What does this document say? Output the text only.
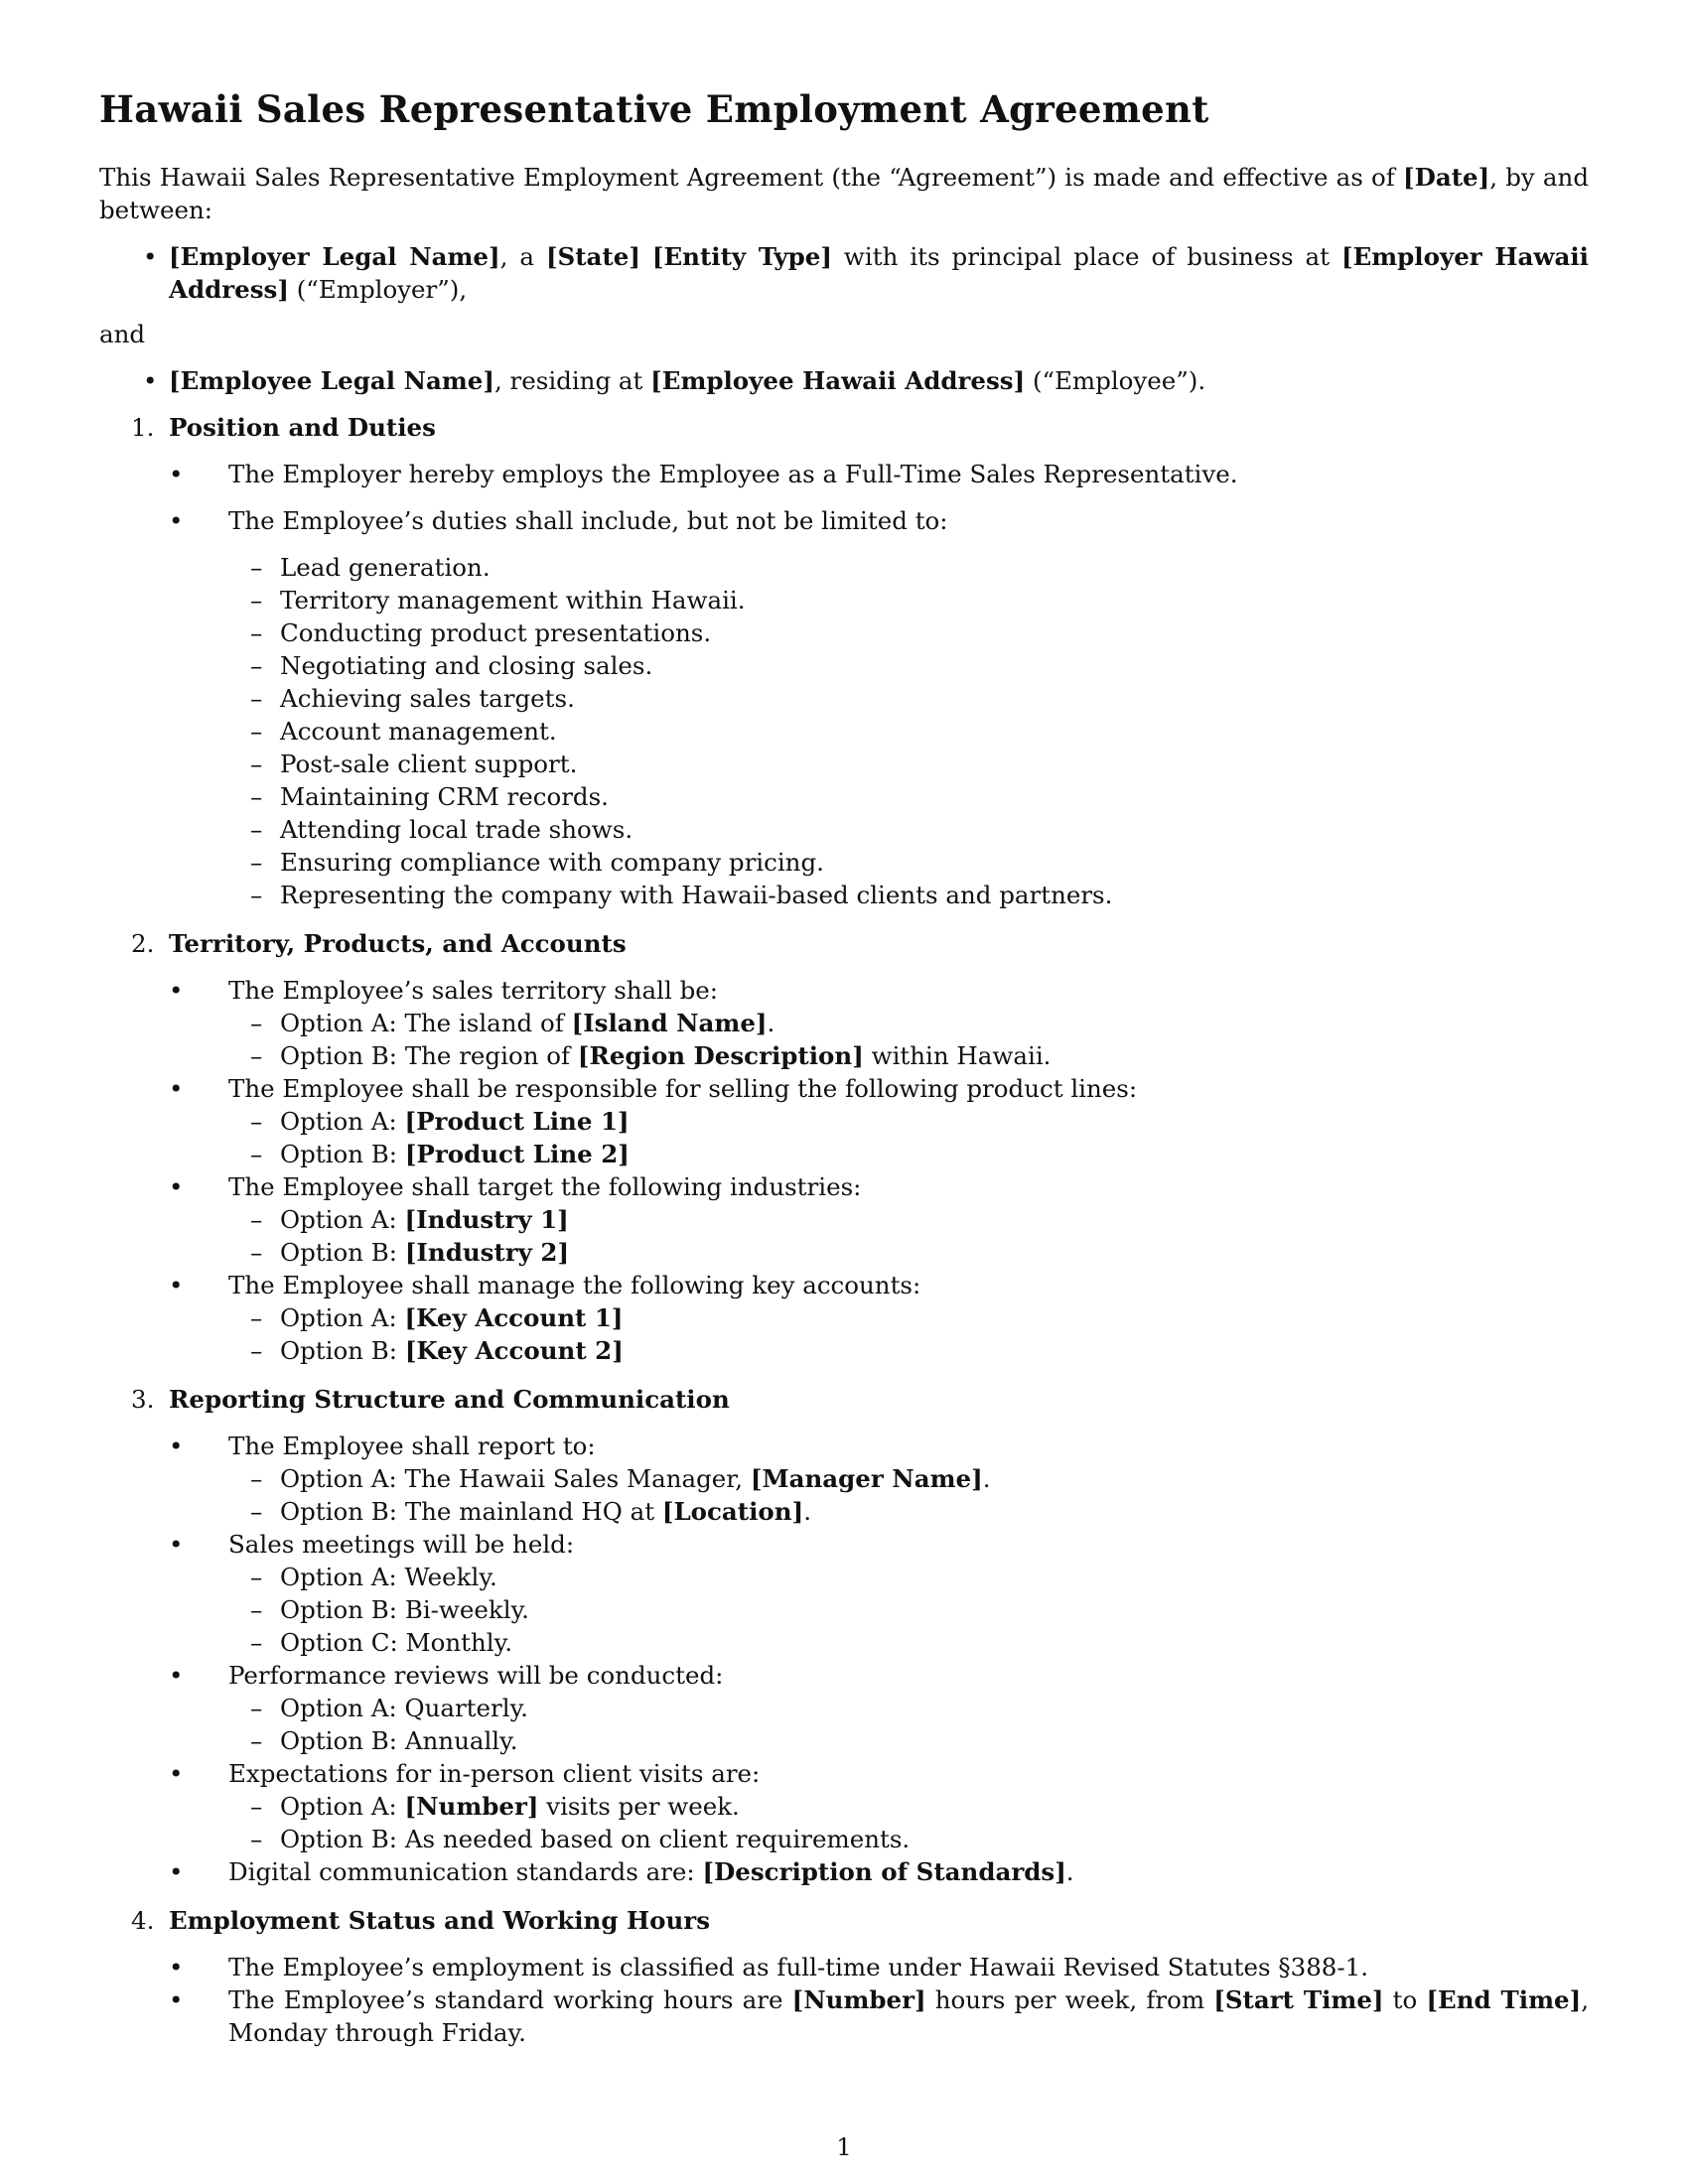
Hawaii Sales Representative Employment Agreement

This Hawaii Sales Representative Employment Agreement (the “Agreement”) is made and effective as of [Date], by and between:

• [Employer Legal Name], a [State] [Entity Type] with its principal place of business at [Employer Hawaii Address] (“Employer”),

and

• [Employee Legal Name], residing at [Employee Hawaii Address] (“Employee”).
1. Position and Duties
• The Employer hereby employs the Employee as a Full-Time Sales Representative.
• The Employee’s duties shall include, but not be limited to:
– Lead generation.
– Territory management within Hawaii.
– Conducting product presentations.
– Negotiating and closing sales.
– Achieving sales targets.
– Account management.
– Post-sale client support.
– Maintaining CRM records.
– Attending local trade shows.
– Ensuring compliance with company pricing.
– Representing the company with Hawaii-based clients and partners.
2. Territory, Products, and Accounts
• The Employee’s sales territory shall be:
– Option A: The island of [Island Name].
– Option B: The region of [Region Description] within Hawaii.
• The Employee shall be responsible for selling the following product lines:
– Option A: [Product Line 1]
– Option B: [Product Line 2]
• The Employee shall target the following industries:
– Option A: [Industry 1]
– Option B: [Industry 2]
• The Employee shall manage the following key accounts:
– Option A: [Key Account 1]
– Option B: [Key Account 2]
3. Reporting Structure and Communication
• The Employee shall report to:
– Option A: The Hawaii Sales Manager, [Manager Name].
– Option B: The mainland HQ at [Location].
• Sales meetings will be held:
– Option A: Weekly.
– Option B: Bi-weekly.
– Option C: Monthly.
• Performance reviews will be conducted:
– Option A: Quarterly.
– Option B: Annually.
• Expectations for in-person client visits are:
– Option A: [Number] visits per week.
– Option B: As needed based on client requirements.
• Digital communication standards are: [Description of Standards].
4. Employment Status and Working Hours
• The Employee’s employment is classified as full-time under Hawaii Revised Statutes §388-1.
• The Employee’s standard working hours are [Number] hours per week, from [Start Time] to [End Time], Monday through Friday.
1
